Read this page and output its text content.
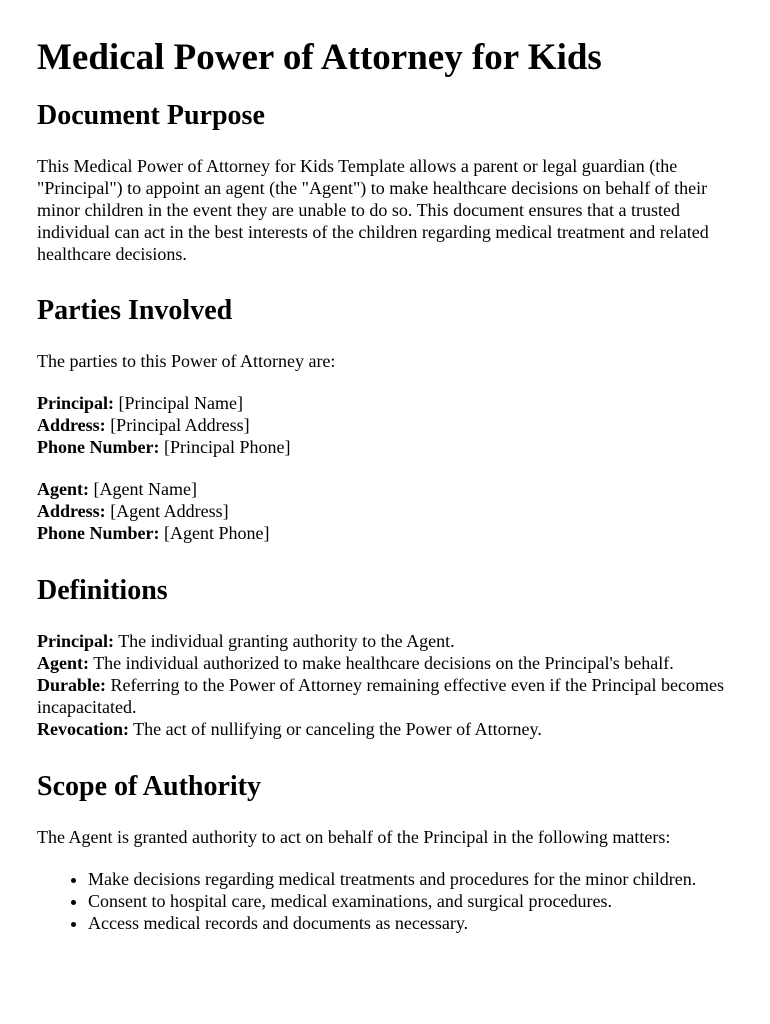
Medical Power of Attorney for Kids
Document Purpose

This Medical Power of Attorney for Kids Template allows a parent or legal guardian (the "Principal") to appoint an agent (the "Agent") to make healthcare decisions on behalf of their minor children in the event they are unable to do so. This document ensures that a trusted individual can act in the best interests of the children regarding medical treatment and related healthcare decisions.

Parties Involved

The parties to this Power of Attorney are:

Principal: [Principal Name]
Address: [Principal Address]
Phone Number: [Principal Phone]

Agent: [Agent Name]
Address: [Agent Address]
Phone Number: [Agent Phone]

Definitions

Principal: The individual granting authority to the Agent.
Agent: The individual authorized to make healthcare decisions on the Principal's behalf.
Durable: Referring to the Power of Attorney remaining effective even if the Principal becomes incapacitated.
Revocation: The act of nullifying or canceling the Power of Attorney.

Scope of Authority

The Agent is granted authority to act on behalf of the Principal in the following matters:

• Make decisions regarding medical treatments and procedures for the minor children.
• Consent to hospital care, medical examinations, and surgical procedures.
• Access medical records and documents as necessary.
